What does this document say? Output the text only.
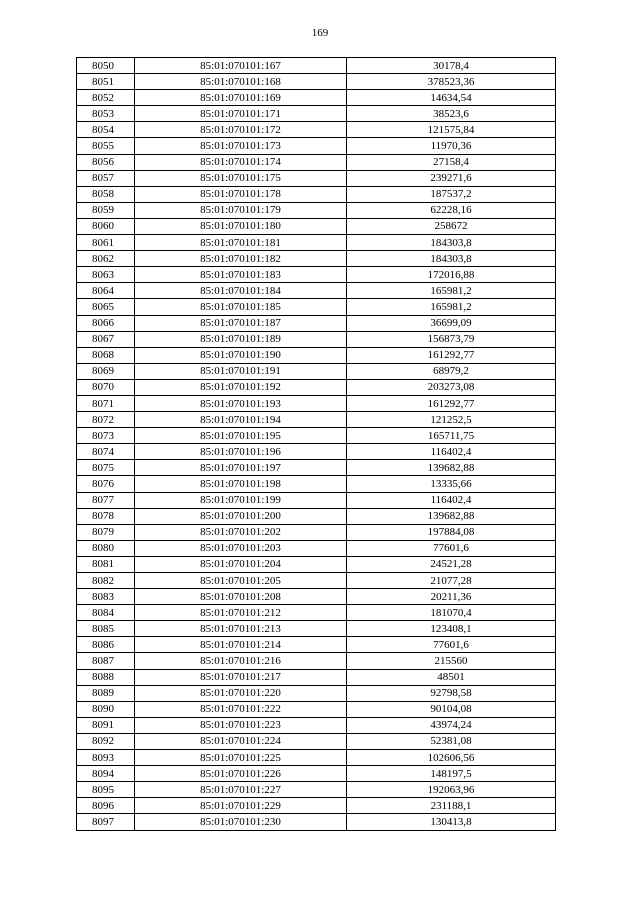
169
8050	85:01:070101:167	30178,4
8051	85:01:070101:168	378523,36
8052	85:01:070101:169	14634,54
8053	85:01:070101:171	38523,6
8054	85:01:070101:172	121575,84
8055	85:01:070101:173	11970,36
8056	85:01:070101:174	27158,4
8057	85:01:070101:175	239271,6
8058	85:01:070101:178	187537,2
8059	85:01:070101:179	62228,16
8060	85:01:070101:180	258672
8061	85:01:070101:181	184303,8
8062	85:01:070101:182	184303,8
8063	85:01:070101:183	172016,88
8064	85:01:070101:184	165981,2
8065	85:01:070101:185	165981,2
8066	85:01:070101:187	36699,09
8067	85:01:070101:189	156873,79
8068	85:01:070101:190	161292,77
8069	85:01:070101:191	68979,2
8070	85:01:070101:192	203273,08
8071	85:01:070101:193	161292,77
8072	85:01:070101:194	121252,5
8073	85:01:070101:195	165711,75
8074	85:01:070101:196	116402,4
8075	85:01:070101:197	139682,88
8076	85:01:070101:198	13335,66
8077	85:01:070101:199	116402,4
8078	85:01:070101:200	139682,88
8079	85:01:070101:202	197884,08
8080	85:01:070101:203	77601,6
8081	85:01:070101:204	24521,28
8082	85:01:070101:205	21077,28
8083	85:01:070101:208	20211,36
8084	85:01:070101:212	181070,4
8085	85:01:070101:213	123408,1
8086	85:01:070101:214	77601,6
8087	85:01:070101:216	215560
8088	85:01:070101:217	48501
8089	85:01:070101:220	92798,58
8090	85:01:070101:222	90104,08
8091	85:01:070101:223	43974,24
8092	85:01:070101:224	52381,08
8093	85:01:070101:225	102606,56
8094	85:01:070101:226	148197,5
8095	85:01:070101:227	192063,96
8096	85:01:070101:229	231188,1
8097	85:01:070101:230	130413,8
